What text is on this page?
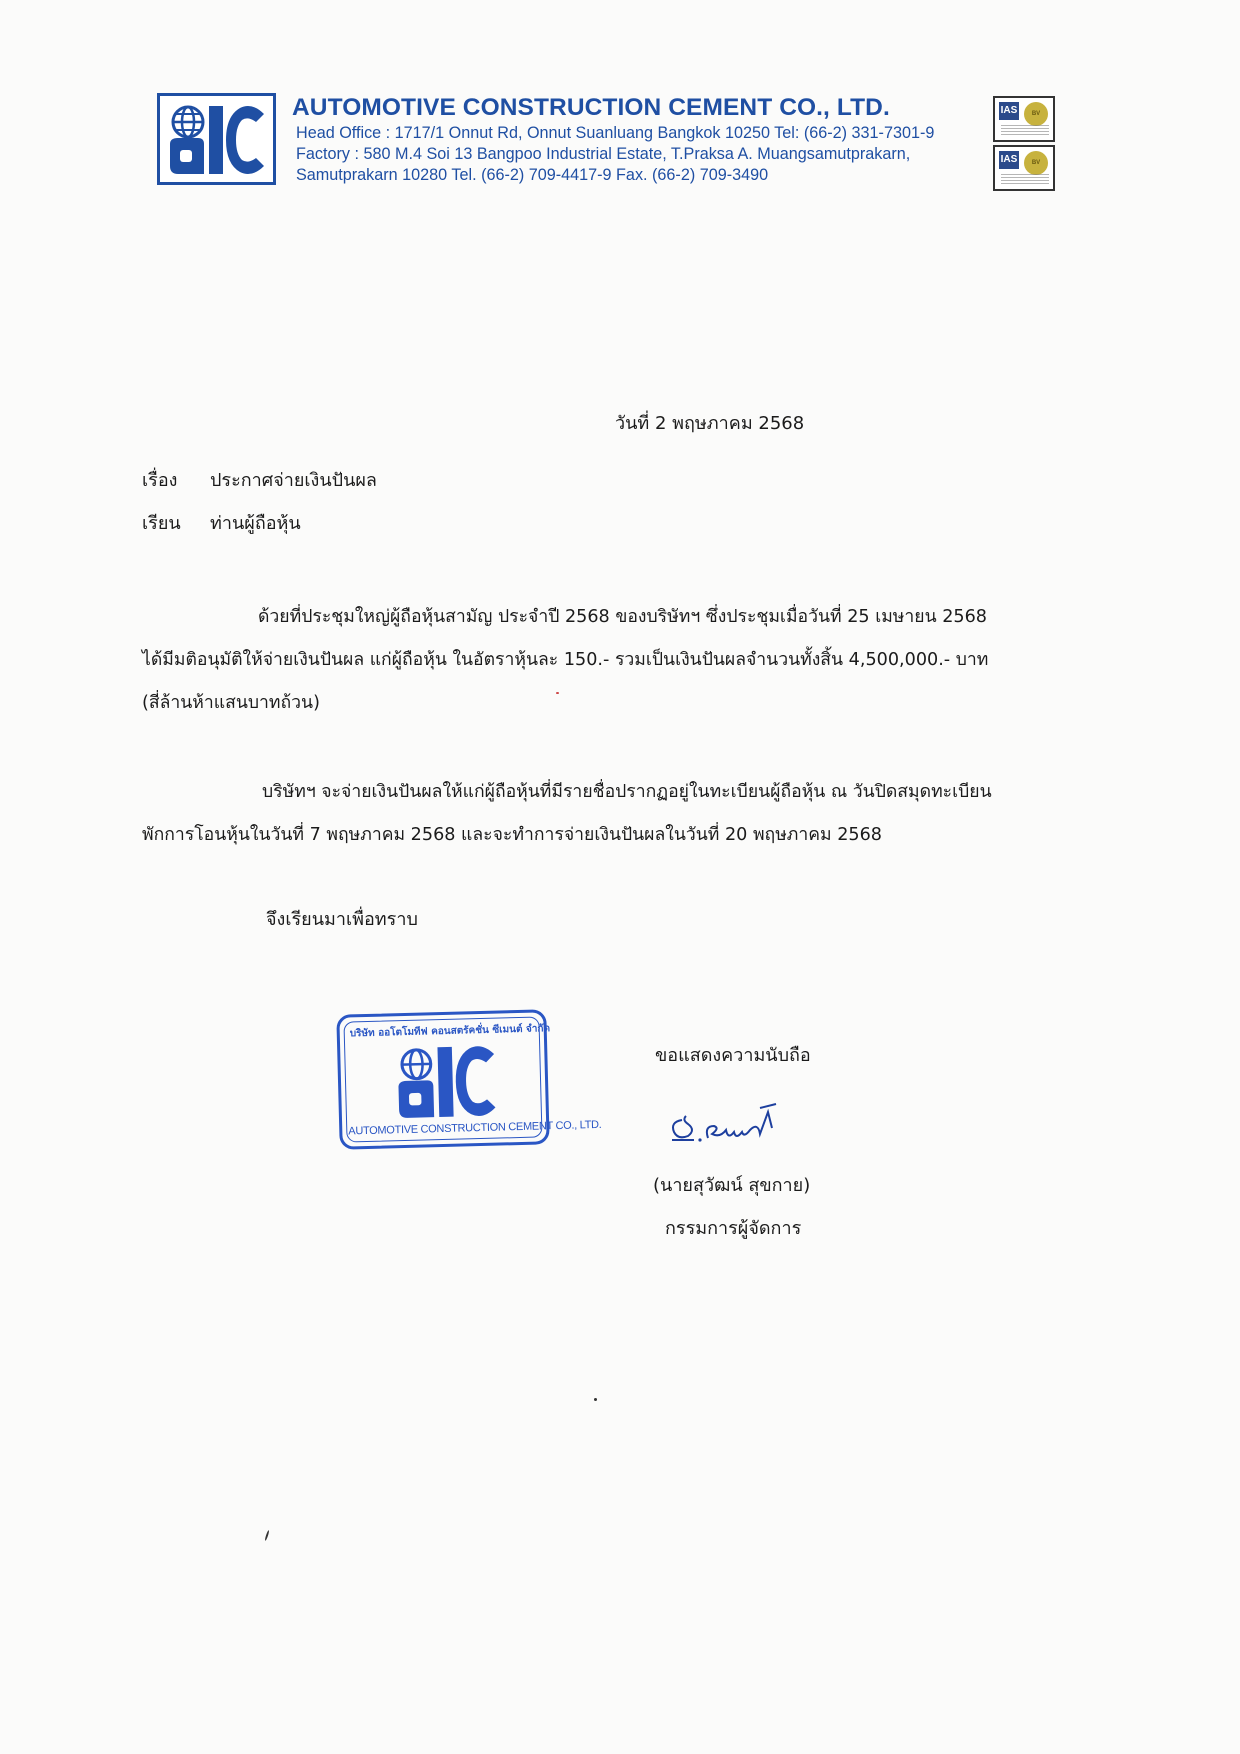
AUTOMOTIVE CONSTRUCTION CEMENT CO., LTD.
Head Office : 1717/1 Onnut Rd, Onnut Suanluang Bangkok 10250 Tel: (66-2) 331-7301-9
Factory : 580 M.4 Soi 13 Bangpoo Industrial Estate, T.Praksa A. Muangsamutprakarn,
Samutprakarn 10280 Tel. (66-2) 709-4417-9 Fax. (66-2) 709-3490
IAS	BV
IAS	BV
วันที่ 2 พฤษภาคม 2568
เรื่อง ประกาศจ่ายเงินปันผล
เรียน ท่านผู้ถือหุ้น
ด้วยที่ประชุมใหญ่ผู้ถือหุ้นสามัญ ประจำปี 2568 ของบริษัทฯ ซึ่งประชุมเมื่อวันที่ 25 เมษายน 2568
ได้มีมติอนุมัติให้จ่ายเงินปันผล แก่ผู้ถือหุ้น ในอัตราหุ้นละ 150.- รวมเป็นเงินปันผลจำนวนทั้งสิ้น 4,500,000.- บาท
(สี่ล้านห้าแสนบาทถ้วน)
บริษัทฯ จะจ่ายเงินปันผลให้แก่ผู้ถือหุ้นที่มีรายชื่อปรากฏอยู่ในทะเบียนผู้ถือหุ้น ณ วันปิดสมุดทะเบียน
พักการโอนหุ้นในวันที่ 7 พฤษภาคม 2568 และจะทำการจ่ายเงินปันผลในวันที่ 20 พฤษภาคม 2568
จึงเรียนมาเพื่อทราบ
บริษัท ออโตโมทีฟ คอนสตรัคชั่น ซีเมนต์ จำกัด
AUTOMOTIVE CONSTRUCTION CEMENT CO., LTD.
ขอแสดงความนับถือ
(นายสุวัฒน์ สุขกาย)
กรรมการผู้จัดการ
